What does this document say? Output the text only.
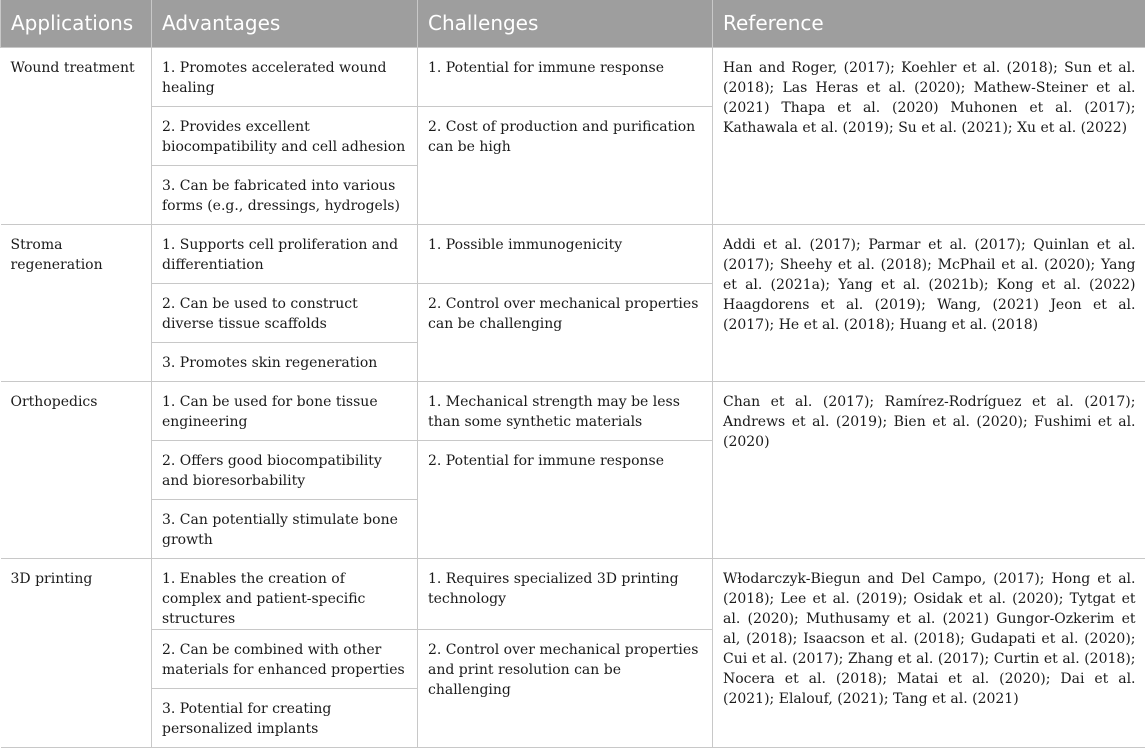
Applications	Advantages	Challenges	Reference
Wound treatment	1. Promotes accelerated wound healing	1. Potential for immune response	Han and Roger, (2017); Koehler et al. (2018); Sun et al. (2018); Las Heras et al. (2020); Mathew-Steiner et al. (2021) Thapa et al. (2020) Muhonen et al. (2017); Kathawala et al. (2019); Su et al. (2021); Xu et al. (2022)
	2. Provides excellent biocompatibility and cell adhesion	2. Cost of production and purification can be high	
	3. Can be fabricated into various forms (e.g., dressings, hydrogels)		
Stroma regeneration	1. Supports cell proliferation and differentiation	1. Possible immunogenicity	Addi et al. (2017); Parmar et al. (2017); Quinlan et al. (2017); Sheehy et al. (2018); McPhail et al. (2020); Yang et al. (2021a); Yang et al. (2021b); Kong et al. (2022) Haagdorens et al. (2019); Wang, (2021) Jeon et al. (2017); He et al. (2018); Huang et al. (2018)
	2. Can be used to construct diverse tissue scaffolds	2. Control over mechanical properties can be challenging	
	3. Promotes skin regeneration		
Orthopedics	1. Can be used for bone tissue engineering	1. Mechanical strength may be less than some synthetic materials	Chan et al. (2017); Ramírez-Rodríguez et al. (2017); Andrews et al. (2019); Bien et al. (2020); Fushimi et al. (2020)
	2. Offers good biocompatibility and bioresorbability	2. Potential for immune response	
	3. Can potentially stimulate bone growth		
3D printing	1. Enables the creation of complex and patient-specific structures	1. Requires specialized 3D printing technology	Włodarczyk-Biegun and Del Campo, (2017); Hong et al. (2018); Lee et al. (2019); Osidak et al. (2020); Tytgat et al. (2020); Muthusamy et al. (2021) Gungor-Ozkerim et al, (2018); Isaacson et al. (2018); Gudapati et al. (2020); Cui et al. (2017); Zhang et al. (2017); Curtin et al. (2018); Nocera et al. (2018); Matai et al. (2020); Dai et al. (2021); Elalouf, (2021); Tang et al. (2021)
	2. Can be combined with other materials for enhanced properties	2. Control over mechanical properties and print resolution can be challenging	
	3. Potential for creating personalized implants		
